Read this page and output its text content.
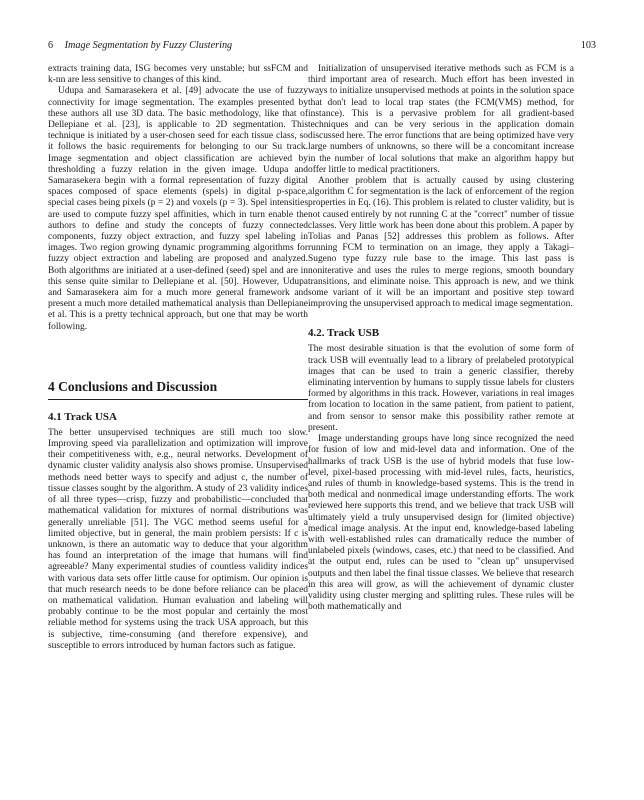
6 Image Segmentation by Fuzzy Clustering	103

extracts training data, ISG becomes very unstable; but ssFCM and k-nn are less sensitive to changes of this kind.

Udupa and Samarasekera et al. [49] advocate the use of fuzzy connectivity for image segmentation. The examples presented by these authors all use 3D data. The basic methodology, like that of Dellepiane et al. [23], is applicable to 2D segmentation. This technique is initiated by a user-chosen seed for each tissue class, so it follows the basic requirements for belonging to our Su track. Image segmentation and object classification are achieved by thresholding a fuzzy relation in the given image. Udupa and Samarasekera begin with a formal representation of fuzzy digital spaces composed of space elements (spels) in digital p-space, special cases being pixels (p = 2) and voxels (p = 3). Spel intensities are used to compute fuzzy spel affinities, which in turn enable the authors to define and study the concepts of fuzzy connected components, fuzzy object extraction, and fuzzy spel labeling in images. Two region growing dynamic programming algorithms for fuzzy object extraction and labeling are proposed and analyzed. Both algorithms are initiated at a user-defined (seed) spel and are in this sense quite similar to Dellepiane et al. [50]. However, Udupa and Samarasekera aim for a much more general framework and present a much more detailed mathematical analysis than Dellepiane et al. This is a pretty technical approach, but one that may be worth following.

4 Conclusions and Discussion
4.1 Track USA

The better unsupervised techniques are still much too slow. Improving speed via parallelization and optimization will improve their competitiveness with, e.g., neural networks. Development of dynamic cluster validity analysis also shows promise. Unsupervised methods need better ways to specify and adjust c, the number of tissue classes sought by the algorithm. A study of 23 validity indices of all three types—crisp, fuzzy and probabilistic—concluded that mathematical validation for mixtures of normal distributions was generally unreliable [51]. The VGC method seems useful for a limited objective, but in general, the main problem persists: If c is unknown, is there an automatic way to deduce that your algorithm has found an interpretation of the image that humans will find agreeable? Many experimental studies of countless validity indices with various data sets offer little cause for optimism. Our opinion is that much research needs to be done before reliance can be placed on mathematical validation. Human evaluation and labeling will probably continue to be the most popular and certainly the most reliable method for systems using the track USA approach, but this is subjective, time-consuming (and therefore expensive), and susceptible to errors introduced by human factors such as fatigue.

Initialization of unsupervised iterative methods such as FCM is a third important area of research. Much effort has been invested in ways to initialize unsupervised methods at points in the solution space that don't lead to local trap states (the FCM(VMS) method, for instance). This is a pervasive problem for all gradient-based techniques and can be very serious in the application domain discussed here. The error functions that are being optimized have very large numbers of unknowns, so there will be a concomitant increase in the number of local solutions that make an algorithm happy but offer little to medical practitioners.

Another problem that is actually caused by using clustering algorithm C for segmentation is the lack of enforcement of the region properties in Eq. (16). This problem is related to cluster validity, but is not caused entirely by not running C at the "correct" number of tissue classes. Very little work has been done about this problem. A paper by Tolias and Panas [52] addresses this problem as follows. After running FCM to termination on an image, they apply a Takagi–Sugeno type fuzzy rule base to the image. This last pass is noniterative and uses the rules to merge regions, smooth boundary transitions, and eliminate noise. This approach is new, and we think some variant of it will be an important and positive step toward improving the unsupervised approach to medical image segmentation.

4.2. Track USB

The most desirable situation is that the evolution of some form of track USB will eventually lead to a library of prelabeled prototypical images that can be used to train a generic classifier, thereby eliminating intervention by humans to supply tissue labels for clusters formed by algorithms in this track. However, variations in real images from location to location in the same patient, from patient to patient, and from sensor to sensor make this possibility rather remote at present.

Image understanding groups have long since recognized the need for fusion of low and mid-level data and information. One of the hallmarks of track USB is the use of hybrid models that fuse low-level, pixel-based processing with mid-level rules, facts, heuristics, and rules of thumb in knowledge-based systems. This is the trend in both medical and nonmedical image understanding efforts. The work reviewed here supports this trend, and we believe that track USB will ultimately yield a truly unsupervised design for (limited objective) medical image analysis. At the input end, knowledge-based labeling with well-established rules can dramatically reduce the number of unlabeled pixels (windows, cases, etc.) that need to be classified. And at the output end, rules can be used to "clean up" unsupervised outputs and then label the final tissue classes. We believe that research in this area will grow, as will the achievement of dynamic cluster validity using cluster merging and splitting rules. These rules will be both mathematically and
